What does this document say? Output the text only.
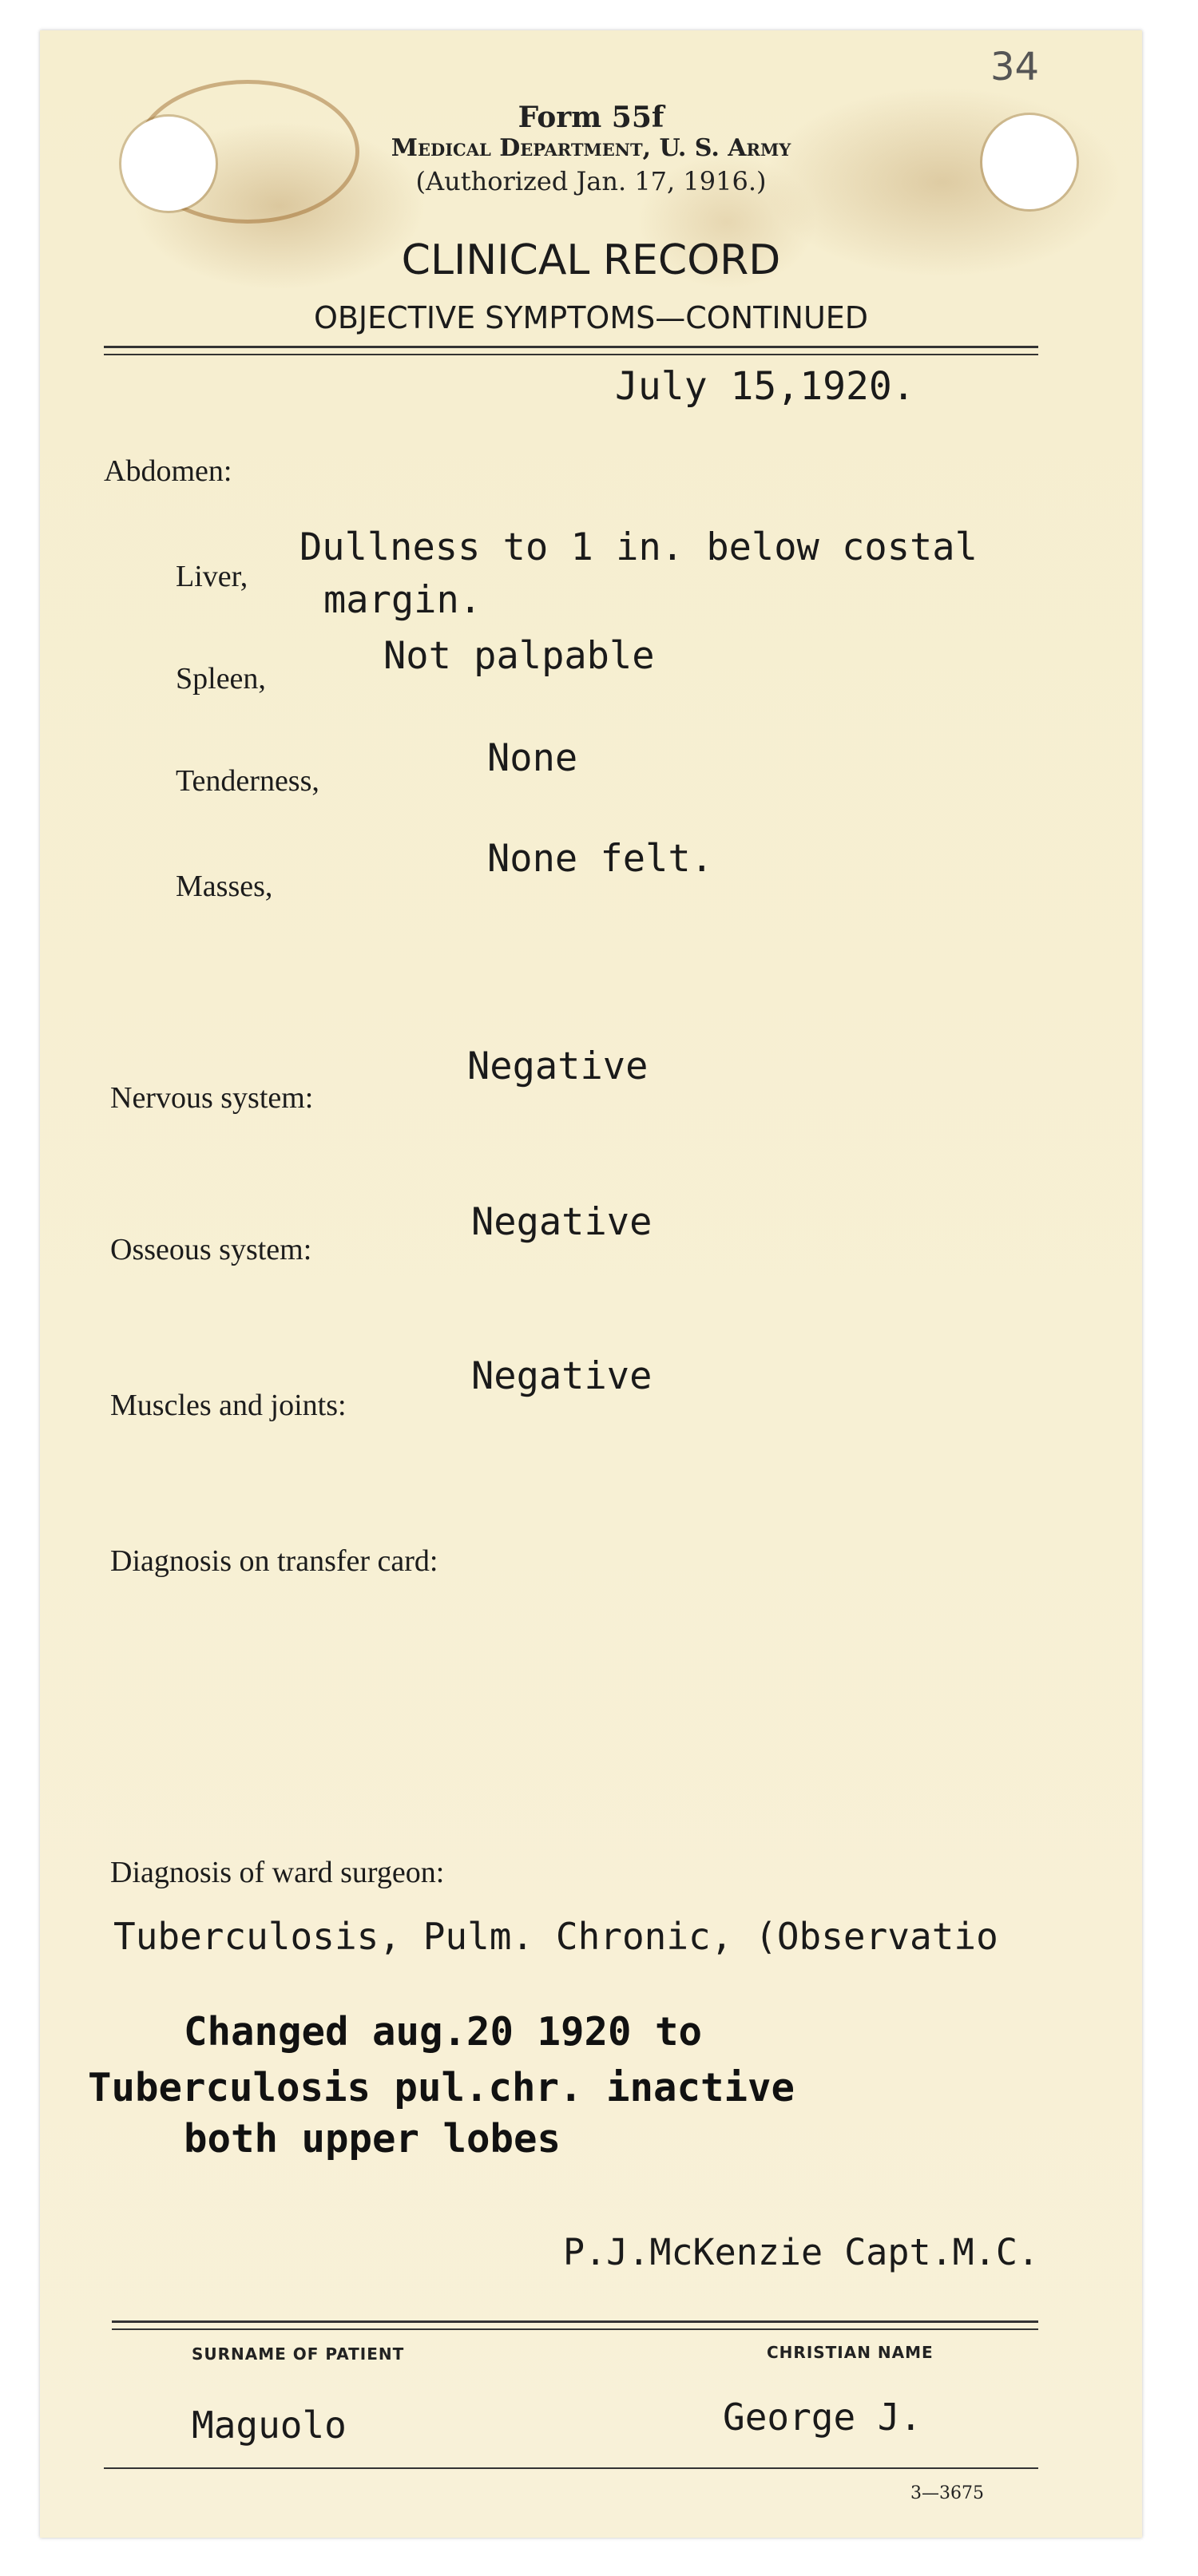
34
Form 55f
Medical Department, U. S. Army
(Authorized Jan. 17, 1916.)
CLINICAL RECORD
OBJECTIVE SYMPTOMS—CONTINUED
July 15,1920.
Abdomen:
Liver,
Dullness to 1 in. below costal
margin.
Spleen,
Not palpable
Tenderness,
None
Masses,
None felt.
Nervous system:
Negative
Osseous system:
Negative
Muscles and joints:
Negative
Diagnosis on transfer card:
Diagnosis of ward surgeon:
Tuberculosis, Pulm. Chronic, (Observatio
Changed aug.20 1920 to
Tuberculosis pul.chr. inactive
both upper lobes
P.J.McKenzie Capt.M.C.
SURNAME OF PATIENT	CHRISTIAN NAME
Maguolo	George J.
3—3675
